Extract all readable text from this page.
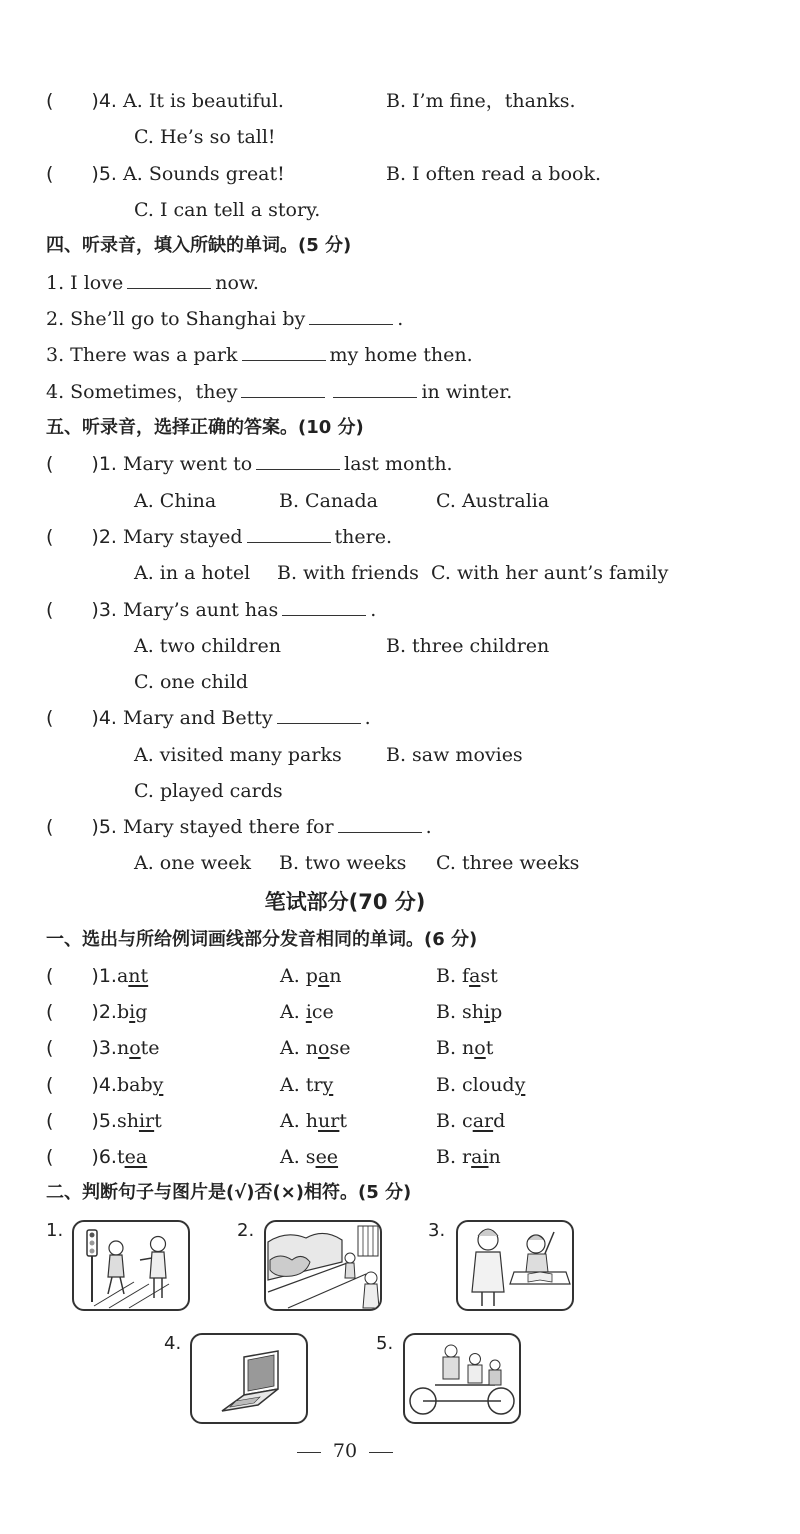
(　　)4. A. It is beautiful.	B. I’m fine，thanks.
C. He’s so tall!
(　　)5. A. Sounds great!	B. I often read a book.
C. I can tell a story.
四、听录音，填入所缺的单词。(5 分)
1. I love	now.
2. She’ll go to Shanghai by	.
3. There was a park	my home then.
4. Sometimes，they	in winter.
五、听录音，选择正确的答案。(10 分)
(　　)1. Mary went to	last month.
A. China	B. Canada	C. Australia
(　　)2. Mary stayed	there.
A. in a hotel B. with friends C. with her aunt’s family
(　　)3. Mary’s aunt has	.
A. two children	B. three children
C. one child
(　　)4. Mary and Betty	.
A. visited many parks B. saw movies
C. played cards
(　　)5. Mary stayed there for	.
A. one week B. two weeks C. three weeks
笔试部分(70 分)
一、选出与所给例词画线部分发音相同的单词。(6 分)
(　　)1.ant	A. pan	B. fast
(　　)2.big	A. ice	B. ship
(　　)3.note	A. nose	B. not
(　　)4.baby	A. try	B. cloudy
(　　)5.shirt	A. hurt	B. card
(　　)6.tea	A. see	B. rain
二、判断句子与图片是(√)否(×)相符。(5 分)
1.	2.	3.
4.	5.
70
